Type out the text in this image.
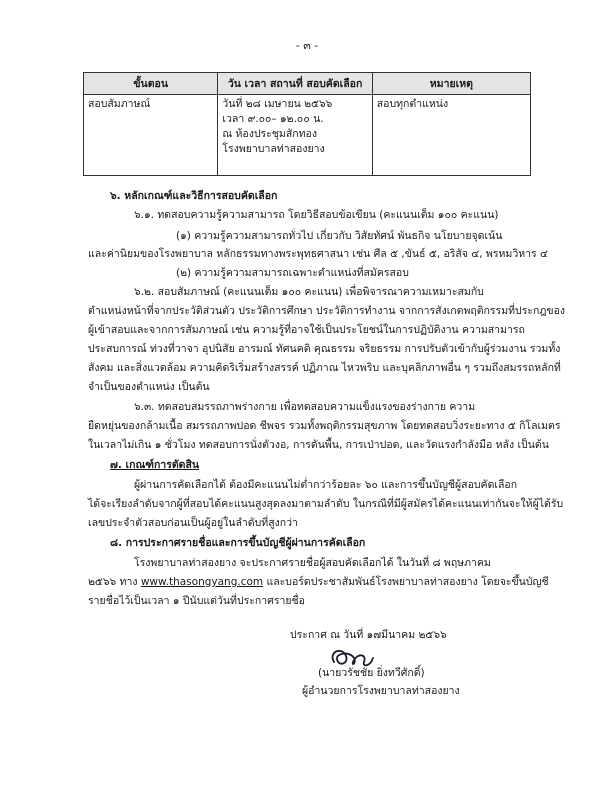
- ๓ -
ขั้นตอน	วัน เวลา สถานที่ สอบคัดเลือก	หมายเหตุ
สอบสัมภาษณ์	วันที่ ๒๘ เมษายน ๒๕๖๖
เวลา ๙.๐๐– ๑๒.๐๐ น.
ณ ห้องประชุมสักทอง
โรงพยาบาลท่าสองยาง	สอบทุกตำแหน่ง
๖. หลักเกณฑ์และวิธีการสอบคัดเลือก
๖.๑. ทดสอบความรู้ความสามารถ โดยวิธีสอบข้อเขียน (คะแนนเต็ม ๑๐๐ คะแนน)
(๑) ความรู้ความสามารถทั่วไป เกี่ยวกับ วิสัยทัศน์ พันธกิจ นโยบายจุดเน้น
และค่านิยมของโรงพยาบาล หลักธรรมทางพระพุทธศาสนา เช่น ศีล ๕ ,ขันธ์ ๕, อริสัจ ๔, พรหมวิหาร ๔
(๒) ความรู้ความสามารถเฉพาะตำแหน่งที่สมัครสอบ
๖.๒. สอบสัมภาษณ์ (คะแนนเต็ม ๑๐๐ คะแนน) เพื่อพิจารณาความเหมาะสมกับ
ตำแหน่งหน้าที่จากประวัติส่วนตัว ประวัติการศึกษา ประวัติการทำงาน จากการสังเกตพฤติกรรมที่ประกฎของ
ผู้เข้าสอบและจากการสัมภาษณ์ เช่น ความรู้ที่อาจใช้เป็นประโยชน์ในการปฏิบัติงาน ความสามารถ
ประสบการณ์ ท่วงที่วาจา อุปนิสัย อารมณ์ ทัศนคติ คุณธรรม จริยธรรม การปรับตัวเข้ากับผู้ร่วมงาน รวมทั้ง
สังคม และสิ่งแวดล้อม ความคิดริเริ่มสร้างสรรค์ ปฏิภาณ ไหวพริบ และบุคลิกภาพอื่น ๆ รวมถึงสมรรถหลักที่
จำเป็นของตำแหน่ง เป็นต้น
๖.๓. ทดสอบสมรรถภาพร่างกาย เพื่อทดสอบความแข็งแรงของร่างกาย ความ
ยืดหยุ่นของกล้ามเนื้อ สมรรถภาพปอด ชีพจร รวมทั้งพฤติกรรมสุขภาพ โดยทดสอบวิ่งระยะทาง ๕ กิโลเมตร
ในเวลาไม่เกิน ๑ ชั่วโมง ทดสอบการนั่งตัวงอ, การดันพื้น, การเป่าปอด, และวัดแรงกำลังมือ หลัง เป็นต้น
๗. เกณฑ์การตัดสิน
ผู้ผ่านการคัดเลือกได้ ต้องมีคะแนนไม่ต่ำกว่าร้อยละ ๖๐ และการขึ้นบัญชีผู้สอบคัดเลือก
ได้จะเรียงลำดับจากผู้ที่สอบได้คะแนนสูงสุดลงมาตามลำดับ ในกรณีที่มีผู้สมัครได้คะแนนเท่ากันจะให้ผู้ได้รับ
เลขประจำตัวสอบก่อนเป็นผู้อยู่ในลำดับที่สูงกว่า
๘. การประกาศรายชื่อและการขึ้นบัญชีผู้ผ่านการคัดเลือก
โรงพยาบาลท่าสองยาง จะประกาศรายชื่อผู้สอบคัดเลือกได้ ในวันที่ ๘ พฤษภาคม
๒๕๖๖ ทาง www.thasongyang.com และบอร์ดประชาสัมพันธ์โรงพยาบาลท่าสองยาง โดยจะขึ้นบัญชี
รายชื่อไว้เป็นเวลา ๑ ปีนับแต่วันที่ประกาศรายชื่อ
ประกาศ ณ วันที่ ๑๗มีนาคม ๒๕๖๖
(นายวรัชชัย ยิ่งทวีศักดิ์)
ผู้อำนวยการโรงพยาบาลท่าสองยาง
